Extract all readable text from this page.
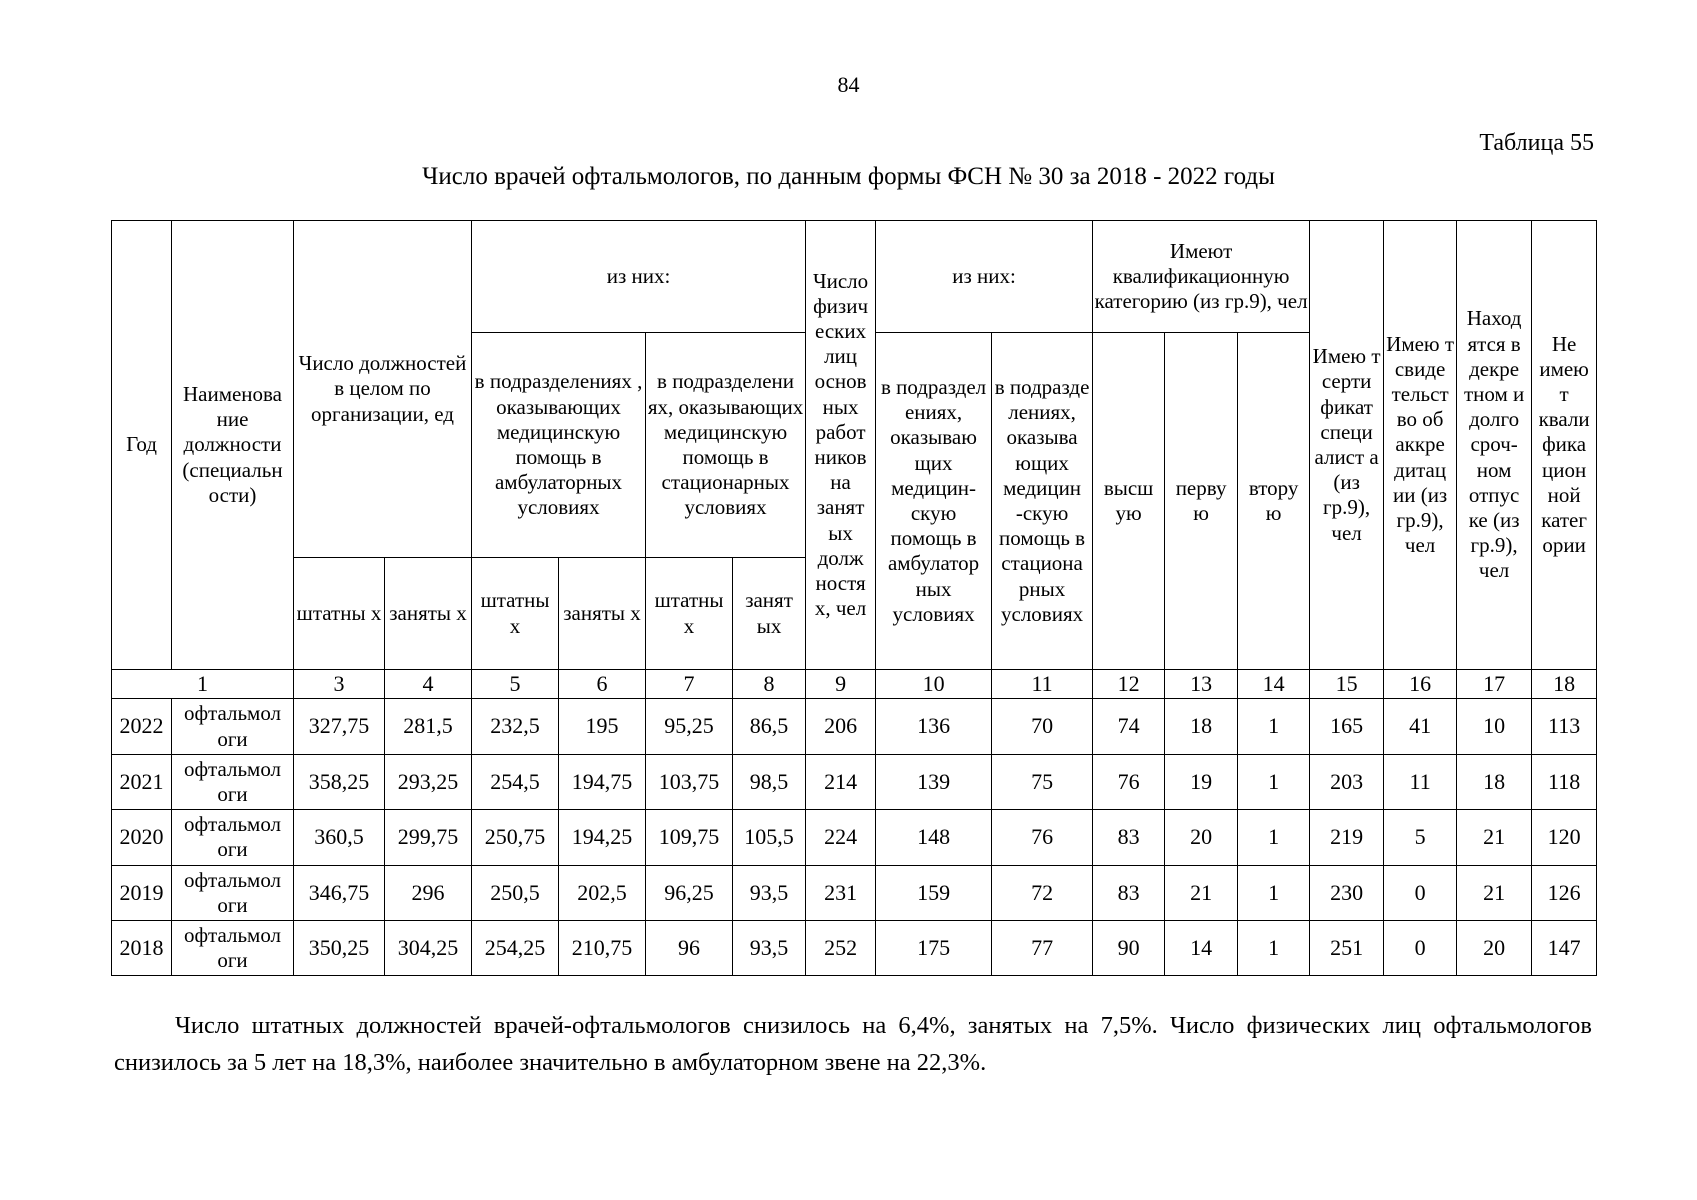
84
Таблица 55
Число врачей офтальмологов, по данным формы ФСН № 30 за 2018 - 2022 годы
Год	Наименова ние должности (специальн ости)	Число должностей в целом по организации, ед		из них:				Число физич еских лиц основ ных работ ников на занят ых долж ностя х, чел	из них:		Имеют квалификационную категорию (из гр.9), чел			Имею т серти фикат специ алист а (из гр.9), чел	Имею т свиде тельст во об аккре дитац ии (из гр.9), чел	Наход ятся в декре тном и долго сроч- ном отпус ке (из гр.9), чел	Не имею т квали фика цион ной катег ории
				в подразделениях , оказывающих медицинскую помощь в амбулаторных условиях		в подразделени ях, оказывающих медицинскую помощь в стационарных условиях			в подраздел ениях, оказываю щих медицин- скую помощь в амбулатор ных условиях	в подразде лениях, оказыва ющих медицин -скую помощь в стациона рных условиях	высш ую	перву ю	втору ю				
		штатны х	заняты х	штатны х	заняты х	штатны х	занят ых										
1		3	4	5	6	7	8	9	10	11	12	13	14	15	16	17	18
2022	офтальмол оги	327,75	281,5	232,5	195	95,25	86,5	206	136	70	74	18	1	165	41	10	113
2021	офтальмол оги	358,25	293,25	254,5	194,75	103,75	98,5	214	139	75	76	19	1	203	11	18	118
2020	офтальмол оги	360,5	299,75	250,75	194,25	109,75	105,5	224	148	76	83	20	1	219	5	21	120
2019	офтальмол оги	346,75	296	250,5	202,5	96,25	93,5	231	159	72	83	21	1	230	0	21	126
2018	офтальмол оги	350,25	304,25	254,25	210,75	96	93,5	252	175	77	90	14	1	251	0	20	147
Число штатных должностей врачей-офтальмологов снизилось на 6,4%, занятых на 7,5%. Число физических лиц офтальмологов снизилось за 5 лет на 18,3%, наиболее значительно в амбулаторном звене на 22,3%.
